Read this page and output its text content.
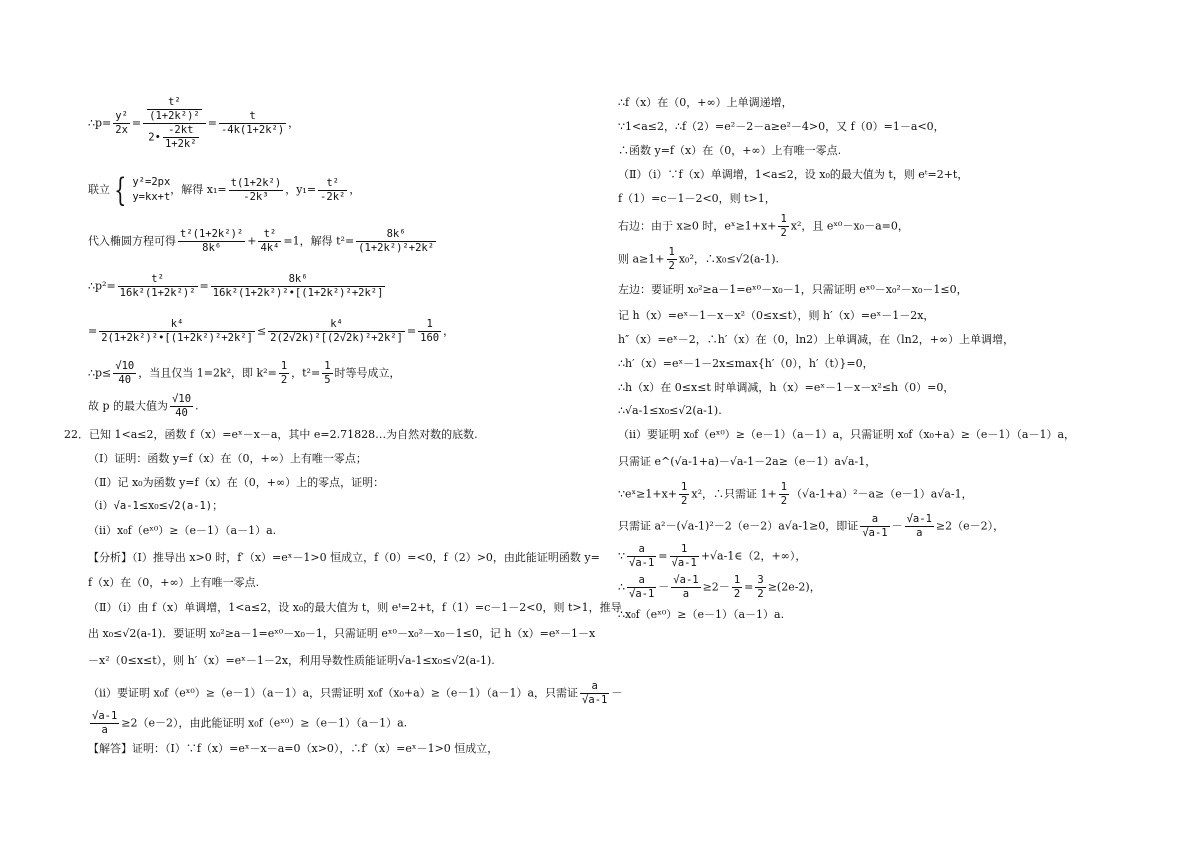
∴p= $\frac{\text{y²}}{2x} = \frac{\frac{\text{t²}}{\text{(1+2k²)²}}}{2• \frac{-2kt}{\text{1+2k²}}} = \frac{t}{\text{-4k(1+2k²)}}$ ，
联立 { y²=2px
y=kx+t
，解得 $x_1= \frac{\text{t(1+2k²)}}{\text{-2k³}}$ ，$y_1= \frac{\text{t²}}{\text{-2k²}}$ ，
代入椭圆方程可得 $\frac{\text{t²(1+2k²)²}}{\text{8k⁶}} + \frac{\text{t²}}{\text{4k⁴}} =1$，解得 $t^2= \frac{\text{8k⁶}}{\text{(1+2k²)²+2k²}}$
∴p²= $\frac{\text{t²}}{\text{16k²(1+2k²)²}} = \frac{\text{8k⁶}}{\text{16k²(1+2k²)²•[(1+2k²)²+2k²]}}$
= $\frac{\text{k⁴}}{\text{2(1+2k²)²•[(1+2k²)²+2k²]}} \le \frac{\text{k⁴}}{\text{2(2√2k)²[(2√2k)²+2k²]}} = \frac{1}{160}$ ，
∴p≤ $\frac{√10}{40}$ ，当且仅当 1=2k²，即 $k^2= \frac{1}{2}$ ，$t^2= \frac{1}{5}$ 时等号成立，
故 p 的最大值为 $\frac{√10}{40}$ .
22．已知 1<a≤2，函数 f（x）=eˣ－x－a，其中 e=2.71828…为自然对数的底数.
（Ⅰ）证明：函数 y=f（x）在（0，+∞）上有唯一零点；
（Ⅱ）记 x₀为函数 y=f（x）在（0，+∞）上的零点，证明：
（ⅰ）√a-1≤x₀≤√2(a-1)；
（ⅱ）x₀f（eˣ⁰）≥（e－1）（a－1）a.
【分析】（Ⅰ）推导出 x>0 时，f′（x）=eˣ－1>0 恒成立，f（0）=<0，f（2）>0，由此能证明函数 y=
f（x）在（0，+∞）上有唯一零点.
（Ⅱ）（i）由 f（x）单调增，1<a≤2，设 x₀的最大值为 t，则 eᵗ=2+t，f（1）=c－1－2<0，则 t>1，推导
出 x₀≤√2(a-1)．要证明 x₀²≥a－1=eˣ⁰－x₀－1，只需证明 eˣ⁰－x₀²－x₀－1≤0，记 h（x）=eˣ－1－x
－x²（0≤x≤t），则 h′（x）=eˣ－1－2x，利用导数性质能证明√a-1≤x₀≤√2(a-1).
（ii）要证明 x₀f（eˣ⁰）≥（e－1）（a－1）a，只需证明 x₀f（x₀+a）≥（e－1）（a－1）a，只需证 $\frac{a}{√a-1}$ －
$\frac{√a-1}{a} \ge 2(e-2)$，由此能证明 x₀f（eˣ⁰）≥（e－1）（a－1）a.
【解答】证明：（Ⅰ）∵f（x）=eˣ－x－a=0（x>0），∴f′（x）=eˣ－1>0 恒成立，
∴f（x）在（0，+∞）上单调递增，
∵1<a≤2，∴f（2）=e²－2－a≥e²－4>0，又 f（0）=1－a<0，
∴函数 y=f（x）在（0，+∞）上有唯一零点.
（Ⅱ）（i）∵f（x）单调增，1<a≤2，设 x₀的最大值为 t，则 eᵗ=2+t，
f（1）=c－1－2<0，则 t>1，
右边：由于 x≥0 时，eˣ≥1+x+ $\frac{1}{2} x^2$，且 eˣ⁰－x₀－a=0，
则 $a\ge 1+ \frac{1}{2} x_0^2$，∴x₀≤√2(a-1).
左边：要证明 x₀²≥a－1=eˣ⁰－x₀－1，只需证明 eˣ⁰－x₀²－x₀－1≤0，
记 h（x）=eˣ－1－x－x²（0≤x≤t），则 h′（x）=eˣ－1－2x，
h″（x）=eˣ－2，∴h′（x）在（0，ln2）上单调减，在（ln2，+∞）上单调增，
∴h′（x）=eˣ－1－2x≤max{h′（0），h′（t）}=0，
∴h（x）在 0≤x≤t 时单调减，h（x）=eˣ－1－x－x²≤h（0）=0，
∴√a-1≤x₀≤√2(a-1).
（ii）要证明 x₀f（eˣ⁰）≥（e－1）（a－1）a，只需证明 x₀f（x₀+a）≥（e－1）（a－1）a，
只需证 e^(√a-1+a)－√a-1－2a≥（e－1）a√a-1，
∵eˣ≥1+x+ $\frac{1}{2} x^2$，∴只需证 $1+ \frac{1}{2} (√a-1+a)^2-a\ge(e-1)a√a-1$，
只需证 a²－(√a-1)²－2（e－2）a√a-1≥0，即证 $\frac{a}{√a-1} - \frac{√a-1}{a} \ge 2(e-2)$，
∵ $\frac{a}{√a-1} = \frac{1}{√a-1}$ +√a-1∈（2，+∞），
∴ $\frac{a}{√a-1} - \frac{√a-1}{a} \ge 2- \frac{1}{2} = \frac{3}{2} \ge(2e-2)$，
∴x₀f（eˣ⁰）≥（e－1）（a－1）a.
